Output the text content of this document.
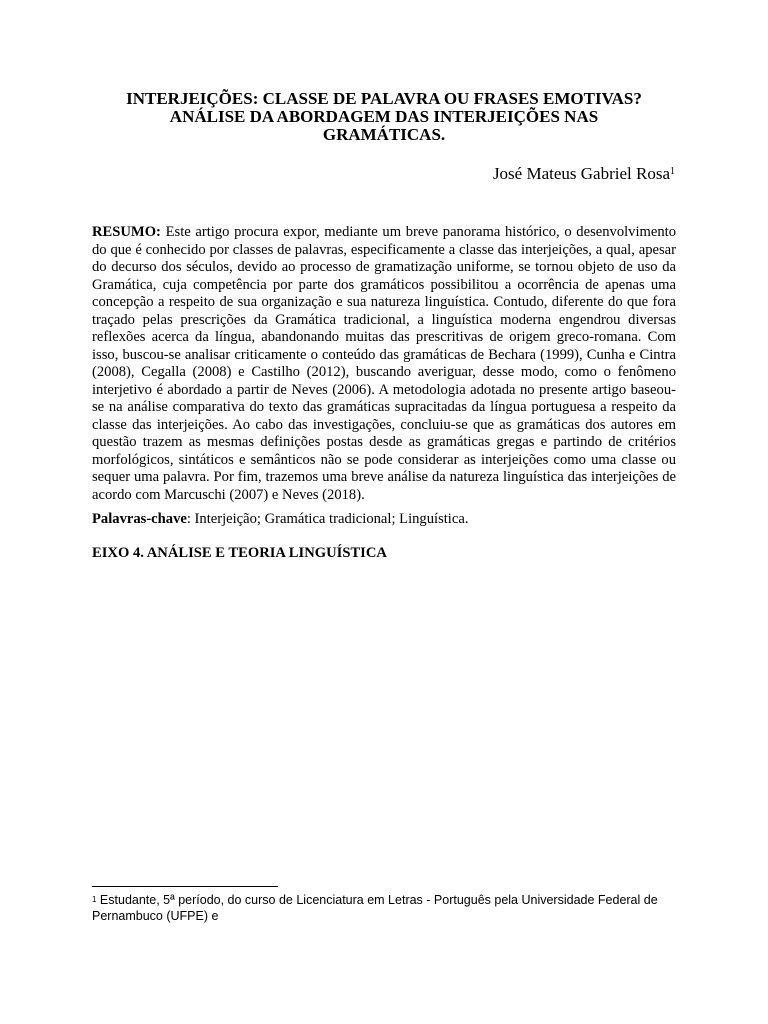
INTERJEIÇÕES: CLASSE DE PALAVRA OU FRASES EMOTIVAS?
ANÁLISE DA ABORDAGEM DAS INTERJEIÇÕES NAS
GRAMÁTICAS.
José Mateus Gabriel Rosa$^1$
RESUMO: Este artigo procura expor, mediante um breve panorama histórico, o desenvolvimento do que é conhecido por classes de palavras, especificamente a classe das interjeições, a qual, apesar do decurso dos séculos, devido ao processo de gramatização uniforme, se tornou objeto de uso da Gramática, cuja competência por parte dos gramáticos possibilitou a ocorrência de apenas uma concepção a respeito de sua organização e sua natureza linguística. Contudo, diferente do que fora traçado pelas prescrições da Gramática tradicional, a linguística moderna engendrou diversas reflexões acerca da língua, abandonando muitas das prescritivas de origem greco-romana. Com isso, buscou-se analisar criticamente o conteúdo das gramáticas de Bechara (1999), Cunha e Cintra (2008), Cegalla (2008) e Castilho (2012), buscando averiguar, desse modo, como o fenômeno interjetivo é abordado a partir de Neves (2006). A metodologia adotada no presente artigo baseou-se na análise comparativa do texto das gramáticas supracitadas da língua portuguesa a respeito da classe das interjeições. Ao cabo das investigações, concluiu-se que as gramáticas dos autores em questão trazem as mesmas definições postas desde as gramáticas gregas e partindo de critérios morfológicos, sintáticos e semânticos não se pode considerar as interjeições como uma classe ou sequer uma palavra. Por fim, trazemos uma breve análise da natureza linguística das interjeições de acordo com Marcuschi (2007) e Neves (2018).
Palavras-chave: Interjeição; Gramática tradicional; Linguística.
EIXO 4. ANÁLISE E TEORIA LINGUÍSTICA
$^1$ Estudante, 5ª período, do curso de Licenciatura em Letras - Português pela Universidade Federal de Pernambuco (UFPE) e
